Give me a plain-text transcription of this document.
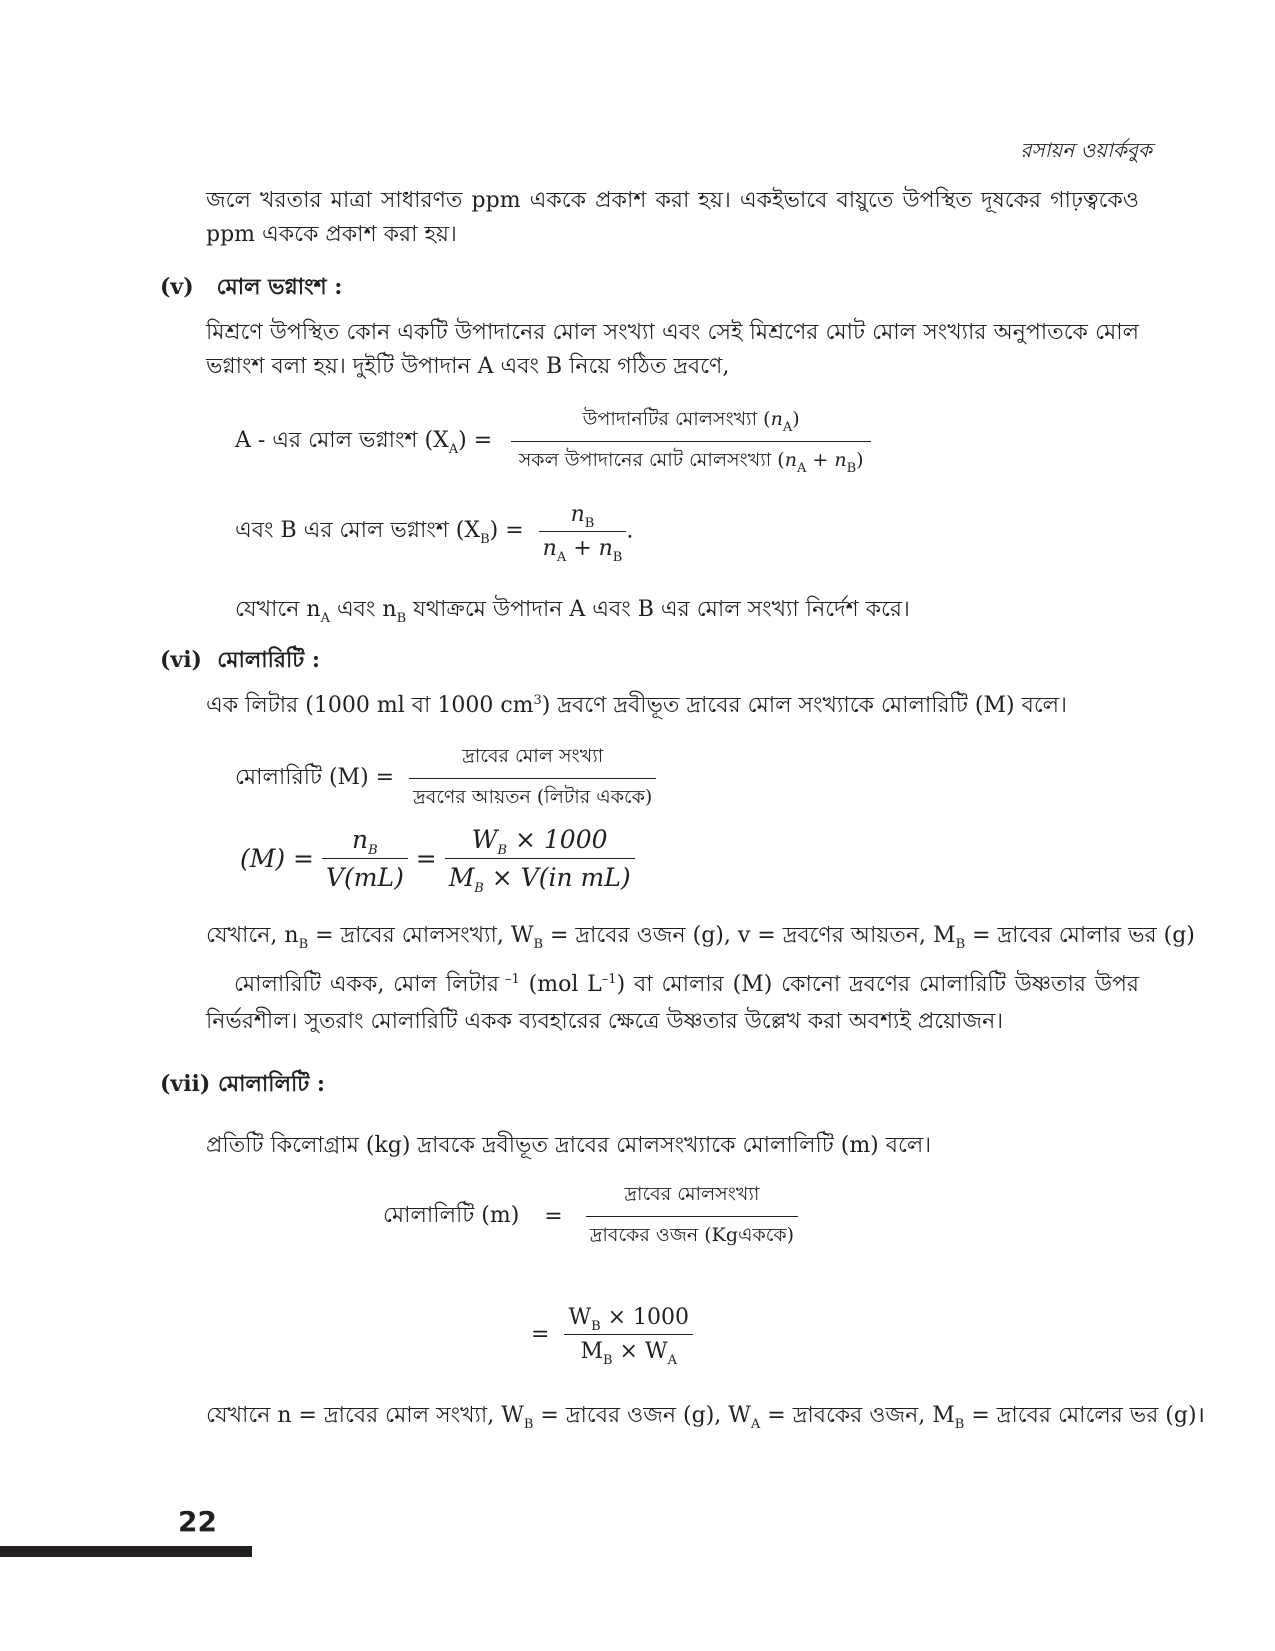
রসায়ন ওয়ার্কবুক
জলে খরতার মাত্রা সাধারণত ppm এককে প্রকাশ করা হয়। একইভাবে বায়ুতে উপস্থিত দূষকের গাঢ়ত্বকেও ppm এককে প্রকাশ করা হয়।
(v) মোল ভগ্নাংশ :
মিশ্রণে উপস্থিত কোন একটি উপাদানের মোল সংখ্যা এবং সেই মিশ্রণের মোট মোল সংখ্যার অনুপাতকে মোল ভগ্নাংশ বলা হয়। দুইটি উপাদান A এবং B নিয়ে গঠিত দ্রবণে,
A - এর মোল ভগ্নাংশ $(X_A) = \frac{উপাদানটির মোলসংখ্যা (n_A)}{সকল উপাদানের মোট মোলসংখ্যা (n_A + n_B)}$
এবং B এর মোল ভগ্নাংশ $(X_B) = \frac{n_B}{n_A + n_B}$ .
যেখানে $n_A$ এবং $n_B$ যথাক্রমে উপাদান A এবং B এর মোল সংখ্যা নির্দেশ করে।
(vi) মোলারিটি :
এক লিটার (1000 ml বা 1000 $cm^3$) দ্রবণে দ্রবীভূত দ্রাবের মোল সংখ্যাকে মোলারিটি (M) বলে।
মোলারিটি $(M) = \frac{\text{দ্রাবের মোল সংখ্যা}}{\text{দ্রবণের আয়তন (লিটার এককে)}}$
$(M) = \frac{n_B}{V(mL)} = \frac{W_B \times 1000}{M_B \times V(in mL)}$
যেখানে, $n_B$ = দ্রাবের মোলসংখ্যা, $W_B$ = দ্রাবের ওজন (g), v = দ্রবণের আয়তন, $M_B$ = দ্রাবের মোলার ভর (g)
মোলারিটি একক, মোল লিটার $^{-1}$ (mol $L^{-1}$) বা মোলার (M) কোনো দ্রবণের মোলারিটি উষ্ণতার উপর নির্ভরশীল। সুতরাং মোলারিটি একক ব্যবহারের ক্ষেত্রে উষ্ণতার উল্লেখ করা অবশ্যই প্রয়োজন।
(vii) মোলালিটি :
প্রতিটি কিলোগ্রাম (kg) দ্রাবকে দ্রবীভূত দ্রাবের মোলসংখ্যাকে মোলালিটি (m) বলে।
মোলালিটি $(m) = \frac{\text{দ্রাবের মোলসংখ্যা}}{\text{দ্রাবকের ওজন (Kgএককে)}}$
= $\frac{W_B \times 1000}{M_B \times W_A}$
যেখানে n = দ্রাবের মোল সংখ্যা, $W_B$ = দ্রাবের ওজন (g), $W_A$ = দ্রাবকের ওজন, $M_B$ = দ্রাবের মোলের ভর (g)।
22
